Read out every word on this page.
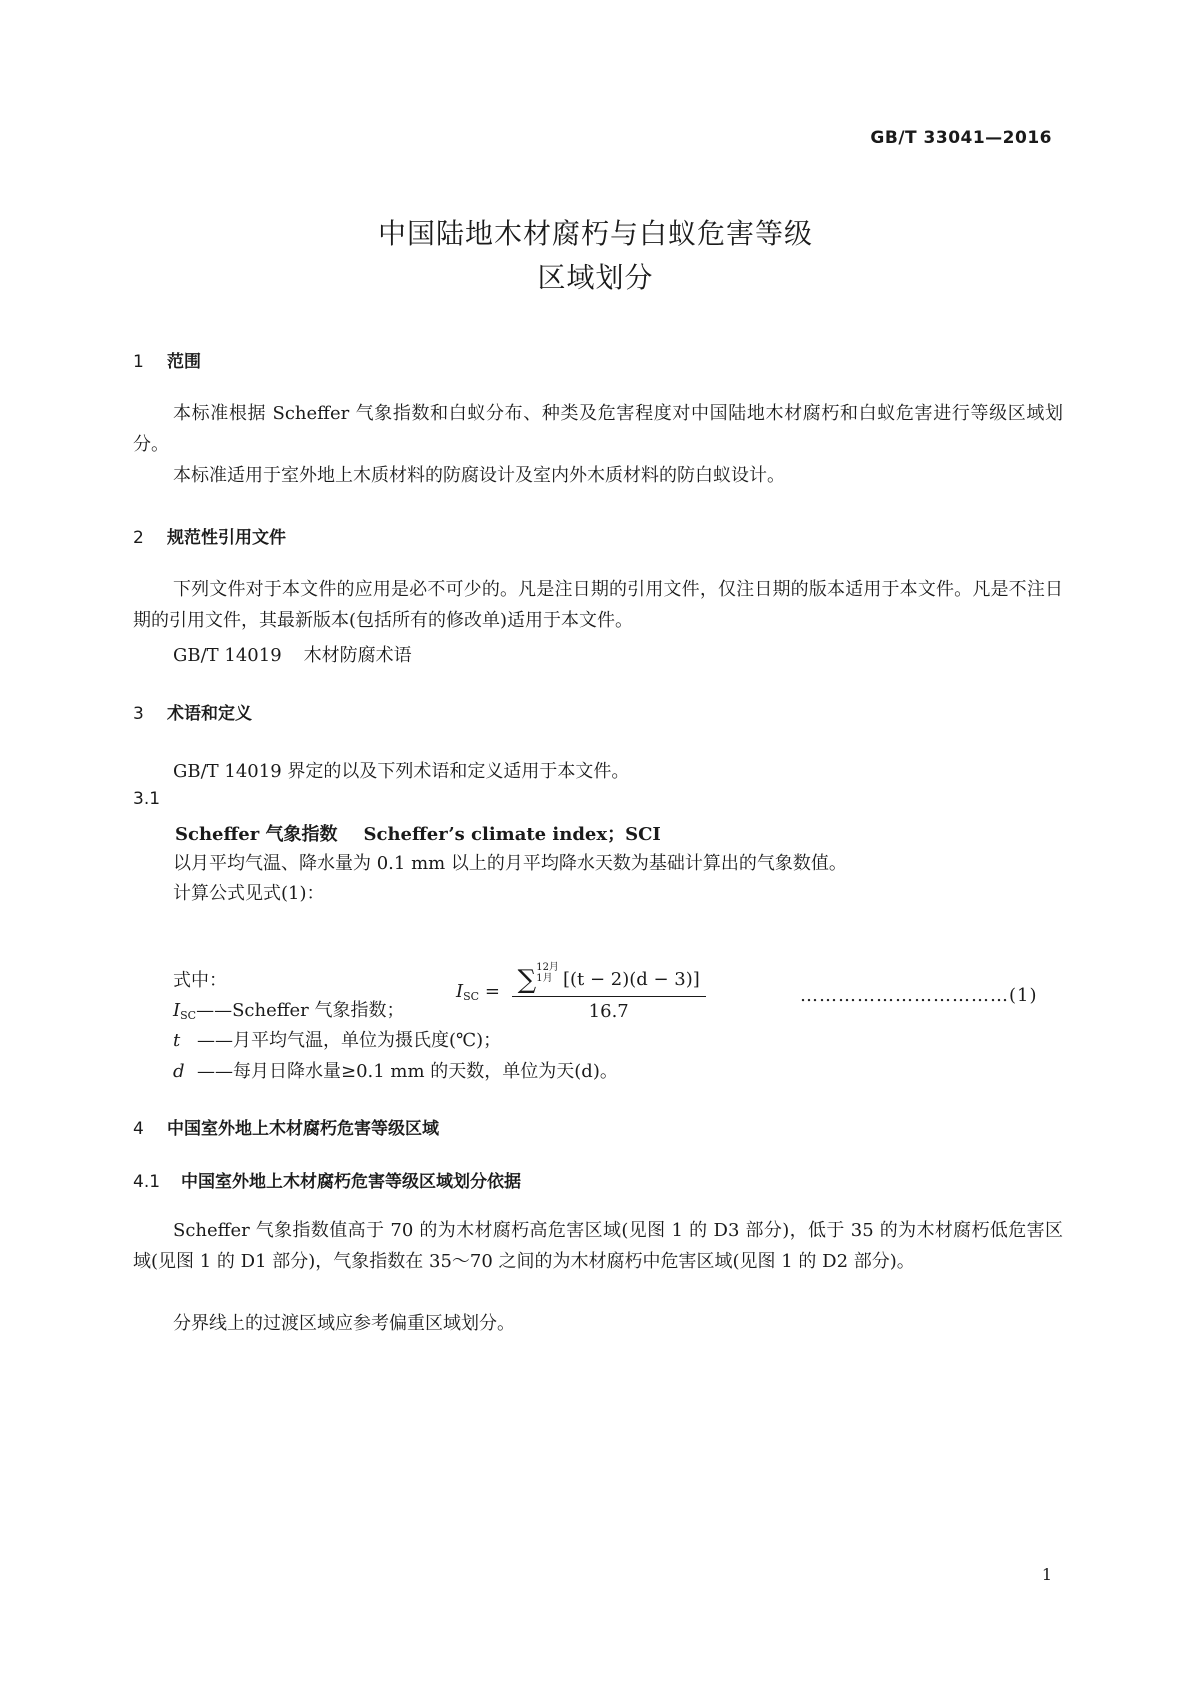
GB/T 33041—2016
中国陆地木材腐朽与白蚁危害等级
区域划分
1 范围
本标准根据 Scheffer 气象指数和白蚁分布、种类及危害程度对中国陆地木材腐朽和白蚁危害进行等级区域划分。
本标准适用于室外地上木质材料的防腐设计及室内外木质材料的防白蚁设计。
2 规范性引用文件
下列文件对于本文件的应用是必不可少的。凡是注日期的引用文件，仅注日期的版本适用于本文件。凡是不注日期的引用文件，其最新版本(包括所有的修改单)适用于本文件。
GB/T 14019 木材防腐术语
3 术语和定义
GB/T 14019 界定的以及下列术语和定义适用于本文件。
3.1
Scheffer 气象指数 Scheffer’s climate index；SCI
以月平均气温、降水量为 0.1 mm 以上的月平均降水天数为基础计算出的气象数值。
计算公式见式(1)：
$I_{SC}$ = ∑ 12月
1月 [(t − 2)(d − 3)]
16.7	……………………………(1)
式中：
$I_{SC}——Scheffer$ 气象指数；
t ——月平均气温，单位为摄氏度(℃)；
d ——每月日降水量≥0.1 mm 的天数，单位为天(d)。
4 中国室外地上木材腐朽危害等级区域
4.1 中国室外地上木材腐朽危害等级区域划分依据
Scheffer 气象指数值高于 70 的为木材腐朽高危害区域(见图 1 的 D3 部分)，低于 35 的为木材腐朽低危害区域(见图 1 的 D1 部分)，气象指数在 35～70 之间的为木材腐朽中危害区域(见图 1 的 D2 部分)。
分界线上的过渡区域应参考偏重区域划分。
1
